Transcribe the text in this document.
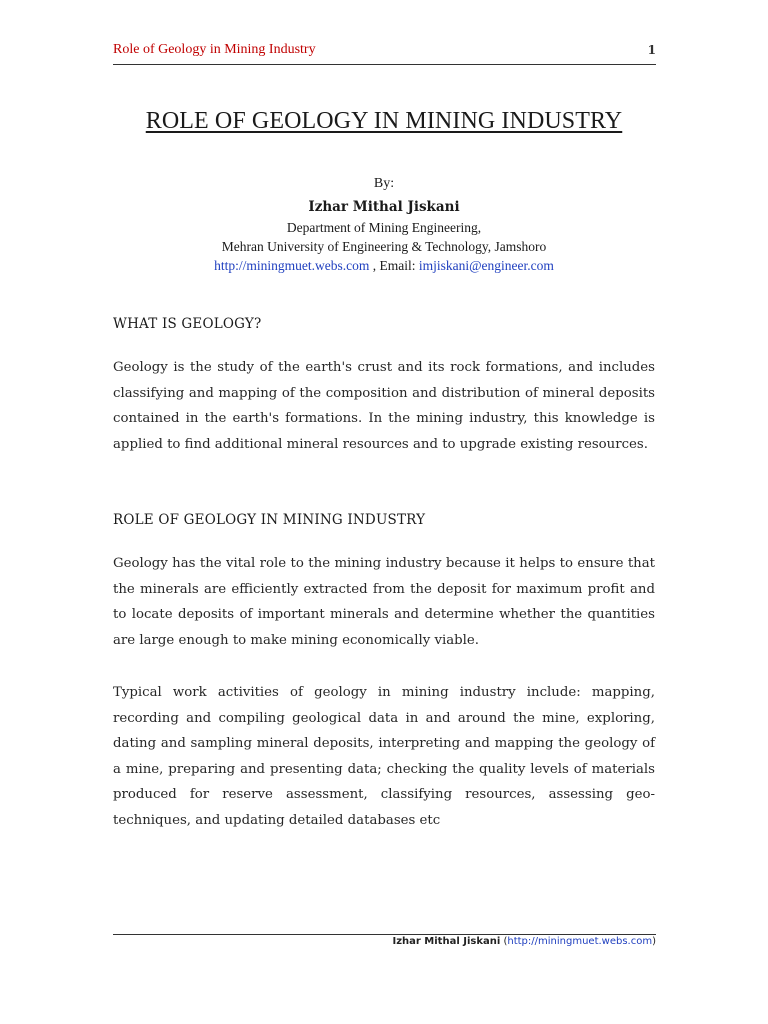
Role of Geology in Mining Industry	1
ROLE OF GEOLOGY IN MINING INDUSTRY
By:
Izhar Mithal Jiskani
Department of Mining Engineering,
Mehran University of Engineering & Technology, Jamshoro
http://miningmuet.webs.com , Email: imjiskani@engineer.com
WHAT IS GEOLOGY?
Geology is the study of the earth's crust and its rock formations, and includes classifying and mapping of the composition and distribution of mineral deposits contained in the earth's formations. In the mining industry, this knowledge is applied to find additional mineral resources and to upgrade existing resources.
ROLE OF GEOLOGY IN MINING INDUSTRY
Geology has the vital role to the mining industry because it helps to ensure that the minerals are efficiently extracted from the deposit for maximum profit and to locate deposits of important minerals and determine whether the quantities are large enough to make mining economically viable.
Typical work activities of geology in mining industry include: mapping, recording and compiling geological data in and around the mine, exploring, dating and sampling mineral deposits, interpreting and mapping the geology of a mine, preparing and presenting data; checking the quality levels of materials produced for reserve assessment, classifying resources, assessing geo-techniques, and updating detailed databases etc
Izhar Mithal Jiskani (http://miningmuet.webs.com)
